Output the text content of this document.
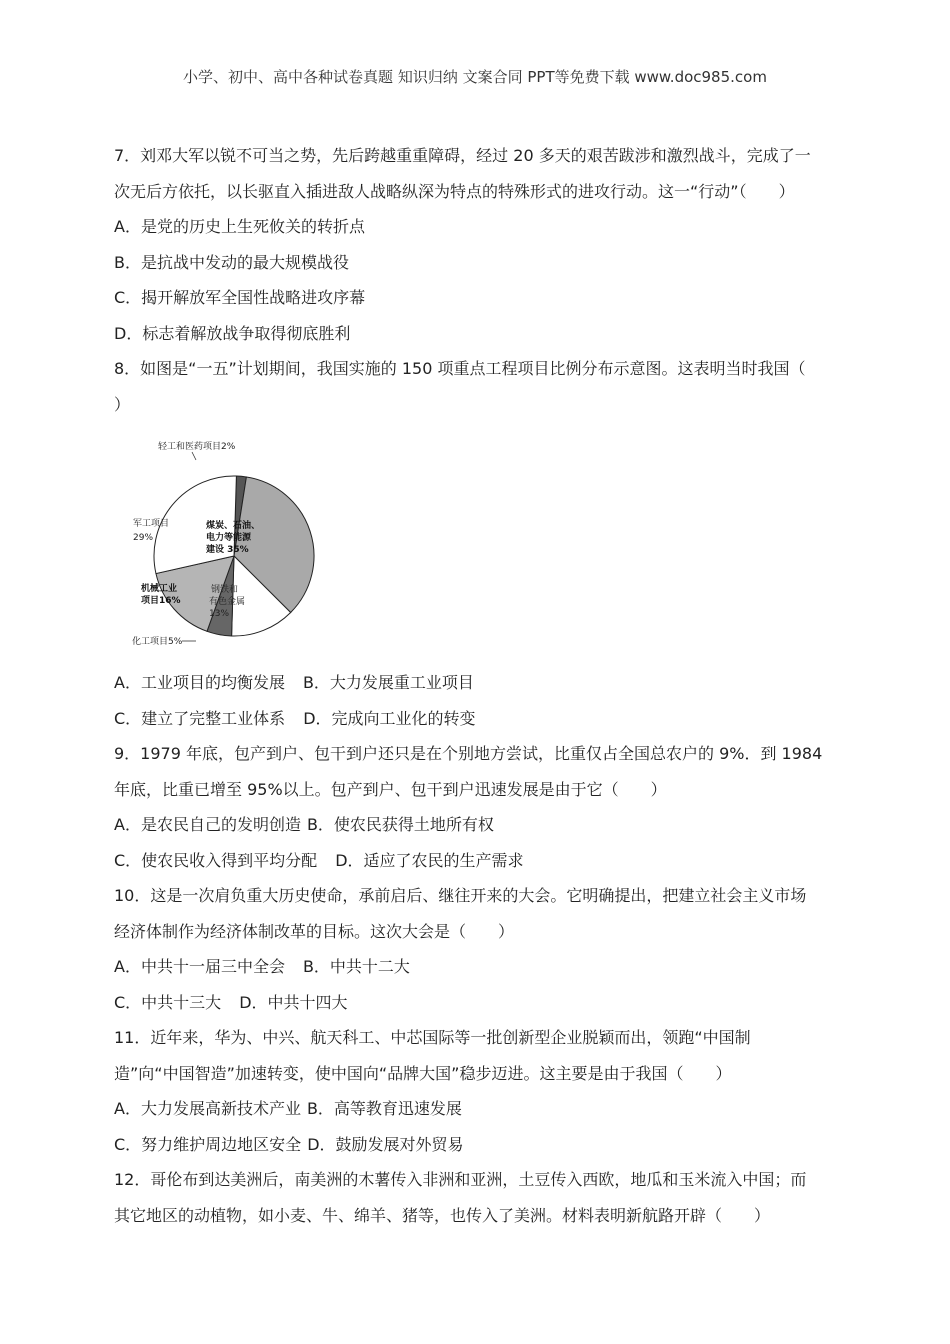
小学、初中、高中各种试卷真题 知识归纳 文案合同 PPT等免费下载 www.doc985.com
7．刘邓大军以锐不可当之势，先后跨越重重障碍，经过 20 多天的艰苦跋涉和激烈战斗，完成了一
次无后方依托，以长驱直入插进敌人战略纵深为特点的特殊形式的进攻行动。这一“行动”（　　）
A．是党的历史上生死攸关的转折点
B．是抗战中发动的最大规模战役
C．揭开解放军全国性战略进攻序幕
D．标志着解放战争取得彻底胜利
8．如图是“一五”计划期间，我国实施的 150 项重点工程项目比例分布示意图。这表明当时我国（
）
轻工和医药项目2%
煤炭、石油、
电力等能源
建设 35%
钢铁和
有色金属
13%
化工项目5%
机械工业
项目16%
军工项目
29%
A．工业项目的均衡发展 B．大力发展重工业项目
C．建立了完整工业体系 D．完成向工业化的转变
9．1979 年底，包产到户、包干到户还只是在个别地方尝试，比重仅占全国总农户的 9%．到 1984
年底，比重已增至 95%以上。包产到户、包干到户迅速发展是由于它（　　）
A．是农民自己的发明创造 B．使农民获得土地所有权
C．使农民收入得到平均分配 D．适应了农民的生产需求
10．这是一次肩负重大历史使命，承前启后、继往开来的大会。它明确提出，把建立社会主义市场
经济体制作为经济体制改革的目标。这次大会是（　　）
A．中共十一届三中全会 B．中共十二大
C．中共十三大 D．中共十四大
11．近年来，华为、中兴、航天科工、中芯国际等一批创新型企业脱颖而出，领跑“中国制
造”向“中国智造”加速转变，使中国向“品牌大国”稳步迈进。这主要是由于我国（　　）
A．大力发展高新技术产业 B．高等教育迅速发展
C．努力维护周边地区安全 D．鼓励发展对外贸易
12．哥伦布到达美洲后，南美洲的木薯传入非洲和亚洲，土豆传入西欧，地瓜和玉米流入中国；而
其它地区的动植物，如小麦、牛、绵羊、猪等，也传入了美洲。材料表明新航路开辟（　　）
